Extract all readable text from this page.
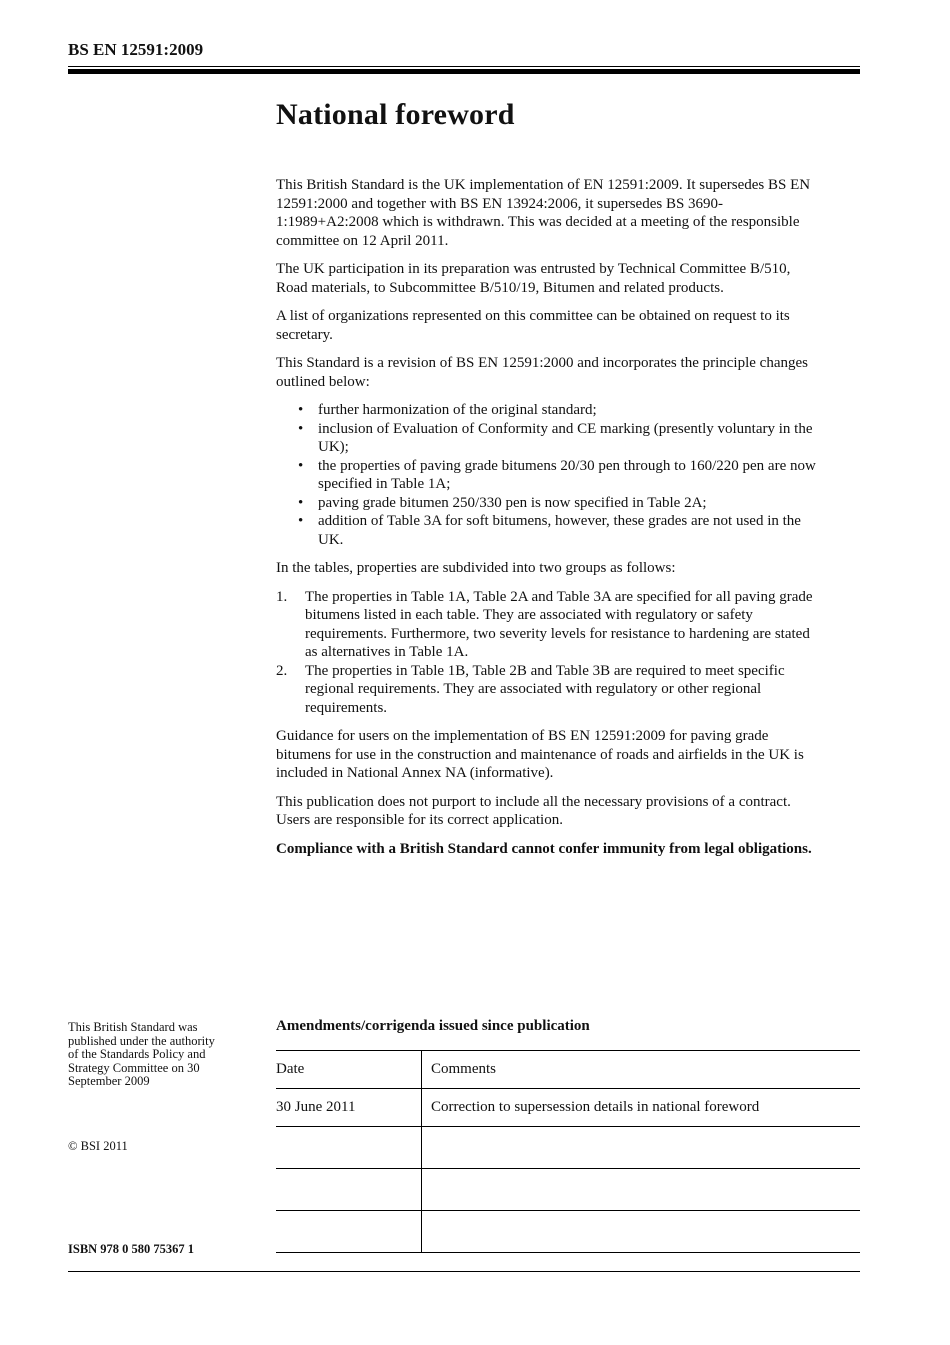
BS EN 12591:2009
National foreword

This British Standard is the UK implementation of EN 12591:2009. It supersedes BS EN 12591:2000 and together with BS EN 13924:2006, it supersedes BS 3690-1:1989+A2:2008 which is withdrawn. This was decided at a meeting of the responsible committee on 12 April 2011.

The UK participation in its preparation was entrusted by Technical Committee B/510, Road materials, to Subcommittee B/510/19, Bitumen and related products.

A list of organizations represented on this committee can be obtained on request to its secretary.

This Standard is a revision of BS EN 12591:2000 and incorporates the principle changes outlined below:

• further harmonization of the original standard;
• inclusion of Evaluation of Conformity and CE marking (presently voluntary in the UK);
• the properties of paving grade bitumens 20/30 pen through to 160/220 pen are now specified in Table 1A;
• paving grade bitumen 250/330 pen is now specified in Table 2A;
• addition of Table 3A for soft bitumens, however, these grades are not used in the UK.

In the tables, properties are subdivided into two groups as follows:

1. The properties in Table 1A, Table 2A and Table 3A are specified for all paving grade bitumens listed in each table. They are associated with regulatory or safety requirements. Furthermore, two severity levels for resistance to hardening are stated as alternatives in Table 1A.
2. The properties in Table 1B, Table 2B and Table 3B are required to meet specific regional requirements. They are associated with regulatory or other regional requirements.

Guidance for users on the implementation of BS EN 12591:2009 for paving grade bitumens for use in the construction and maintenance of roads and airfields in the UK is included in National Annex NA (informative).

This publication does not purport to include all the necessary provisions of a contract. Users are responsible for its correct application.

Compliance with a British Standard cannot confer immunity from legal obligations.

This British Standard was published under the authority of the Standards Policy and Strategy Committee on 30 September 2009
© BSI 2011
ISBN 978 0 580 75367 1
Amendments/corrigenda issued since publication
Date	Comments
30 June 2011	Correction to supersession details in national foreword
